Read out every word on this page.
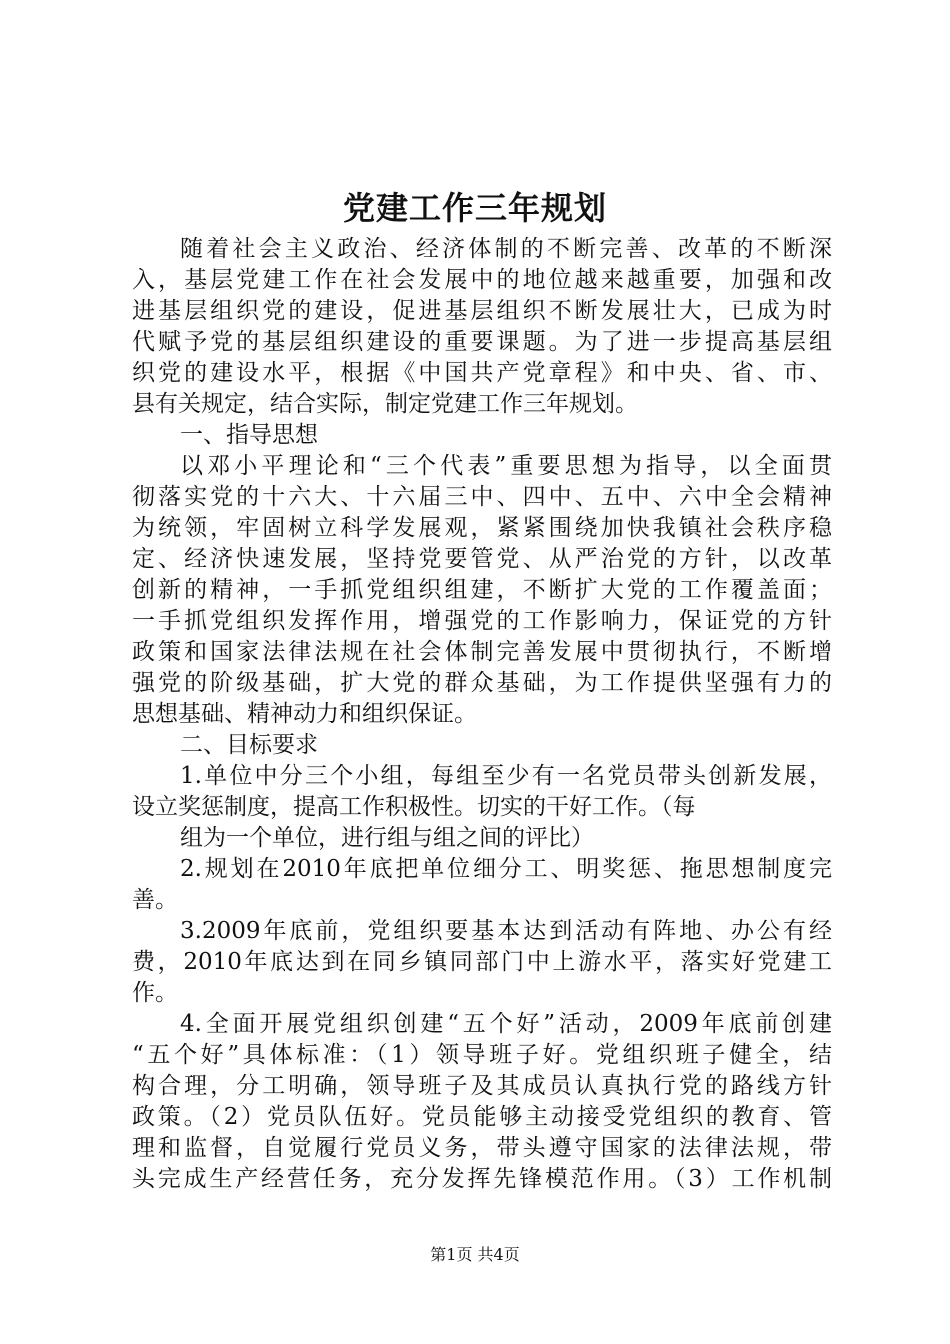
党建工作三年规划
随着社会主义政治、经济体制的不断完善、改革的不断深
入，基层党建工作在社会发展中的地位越来越重要，加强和改
进基层组织党的建设，促进基层组织不断发展壮大，已成为时
代赋予党的基层组织建设的重要课题。为了进一步提高基层组
织党的建设水平，根据《中国共产党章程》和中央、省、市、
县有关规定，结合实际，制定党建工作三年规划。
一、指导思想
以邓小平理论和“三个代表”重要思想为指导，以全面贯
彻落实党的十六大、十六届三中、四中、五中、六中全会精神
为统领，牢固树立科学发展观，紧紧围绕加快我镇社会秩序稳
定、经济快速发展，坚持党要管党、从严治党的方针，以改革
创新的精神，一手抓党组织组建，不断扩大党的工作覆盖面；
一手抓党组织发挥作用，增强党的工作影响力，保证党的方针
政策和国家法律法规在社会体制完善发展中贯彻执行，不断增
强党的阶级基础，扩大党的群众基础，为工作提供坚强有力的
思想基础、精神动力和组织保证。
二、目标要求
1.单位中分三个小组，每组至少有一名党员带头创新发展，
设立奖惩制度，提高工作积极性。切实的干好工作。（每
组为一个单位，进行组与组之间的评比）
2.规划在2010年底把单位细分工、明奖惩、拖思想制度完
善。
3.2009年底前，党组织要基本达到活动有阵地、办公有经
费，2010年底达到在同乡镇同部门中上游水平，落实好党建工
作。
4.全面开展党组织创建“五个好”活动，2009年底前创建
“五个好”具体标准：（1）领导班子好。党组织班子健全，结
构合理，分工明确，领导班子及其成员认真执行党的路线方针
政策。（2）党员队伍好。党员能够主动接受党组织的教育、管
理和监督，自觉履行党员义务，带头遵守国家的法律法规，带
头完成生产经营任务，充分发挥先锋模范作用。（3）工作机制
第1页 共4页
